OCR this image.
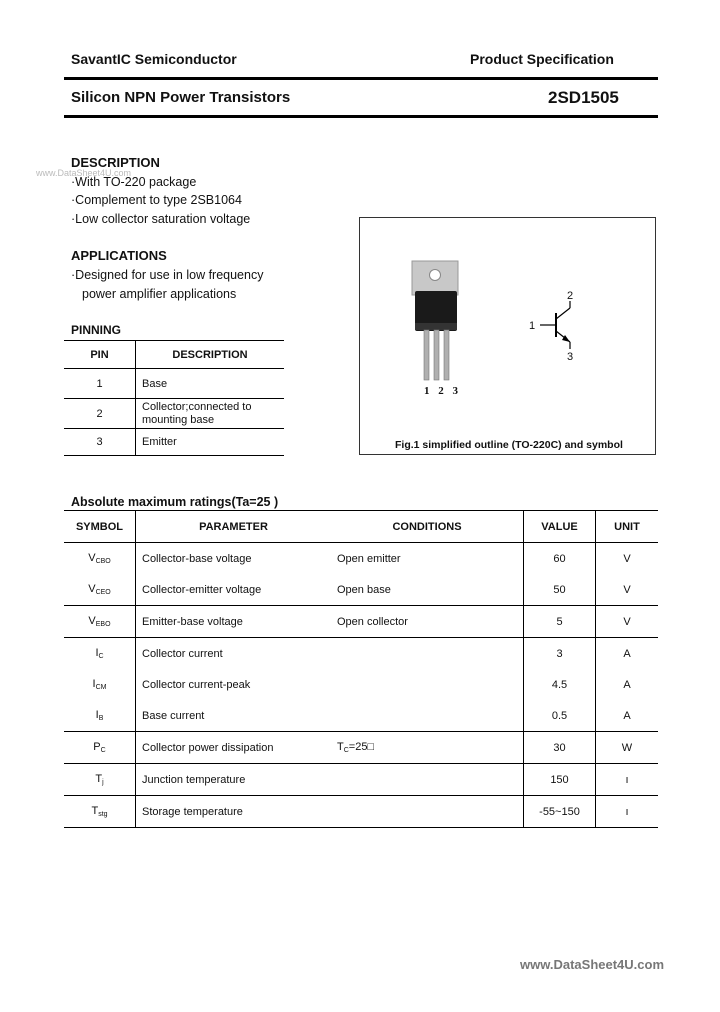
SavantIC Semiconductor	Product Specification
Silicon NPN Power Transistors	2SD1505
www.DataSheet4U.com
DESCRIPTION
·With TO-220 package
·Complement to type 2SB1064
·Low collector saturation voltage
APPLICATIONS
·Designed for use in low frequency
power amplifier applications
PINNING
PIN	DESCRIPTION
1	Base
2	Collector;connected to mounting base
3	Emitter
1 2 3
2
1
3
Fig.1 simplified outline (TO-220C) and symbol
Absolute maximum ratings(Ta=25 )
SYMBOL	PARAMETER	CONDITIONS	VALUE	UNIT
$V_{CBO}$	Collector-base voltage	Open emitter	60	V
$V_{CEO}$	Collector-emitter voltage	Open base	50	V
$V_{EBO}$	Emitter-base voltage	Open collector	5	V
$I_C$	Collector current		3	A
$I_{CM}$	Collector current-peak		4.5	A
$I_B$	Base current		0.5	A
$P_C$	Collector power dissipation	$T_C=25□$	30	W
$T_j$	Junction temperature		150	ı
$T_{stg}$	Storage temperature		-55~150	ı
www.DataSheet4U.com
